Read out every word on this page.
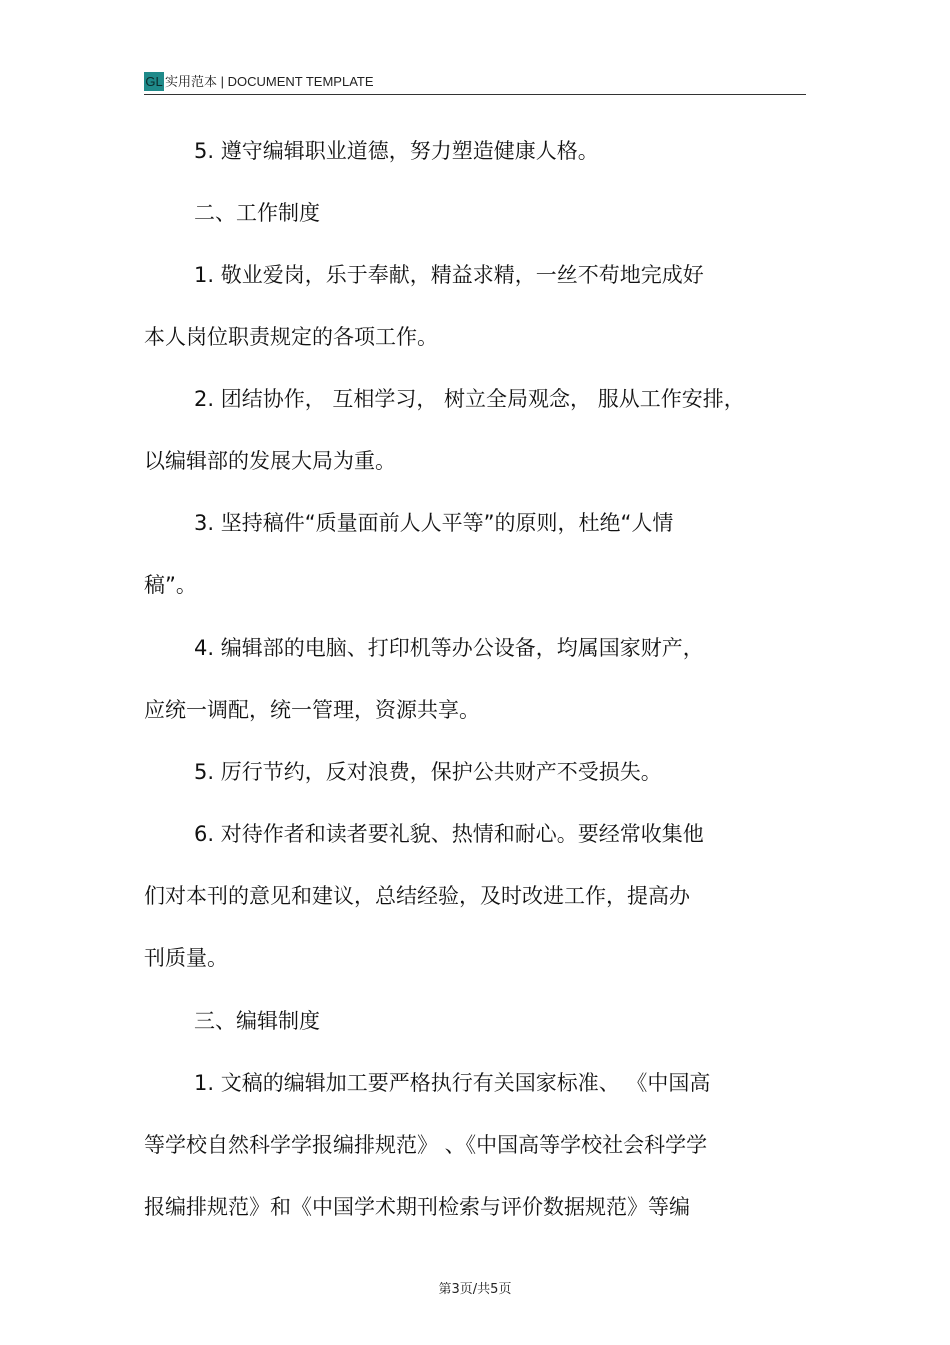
GL 实用范本 | DOCUMENT TEMPLATE
5. 遵守编辑职业道德，努力塑造健康人格。
二、工作制度
1. 敬业爱岗，乐于奉献，精益求精，一丝不苟地完成好
本人岗位职责规定的各项工作。
2. 团结协作， 互相学习， 树立全局观念， 服从工作安排，
以编辑部的发展大局为重。
3. 坚持稿件“质量面前人人平等”的原则，杜绝“人情
稿”。
4. 编辑部的电脑、打印机等办公设备，均属国家财产，
应统一调配，统一管理，资源共享。
5. 厉行节约，反对浪费，保护公共财产不受损失。
6. 对待作者和读者要礼貌、热情和耐心。要经常收集他
们对本刊的意见和建议，总结经验，及时改进工作，提高办
刊质量。
三、编辑制度
1. 文稿的编辑加工要严格执行有关国家标准、 《中国高
等学校自然科学学报编排规范》 、《中国高等学校社会科学学
报编排规范》和《中国学术期刊检索与评价数据规范》等编
第3页/共5页
